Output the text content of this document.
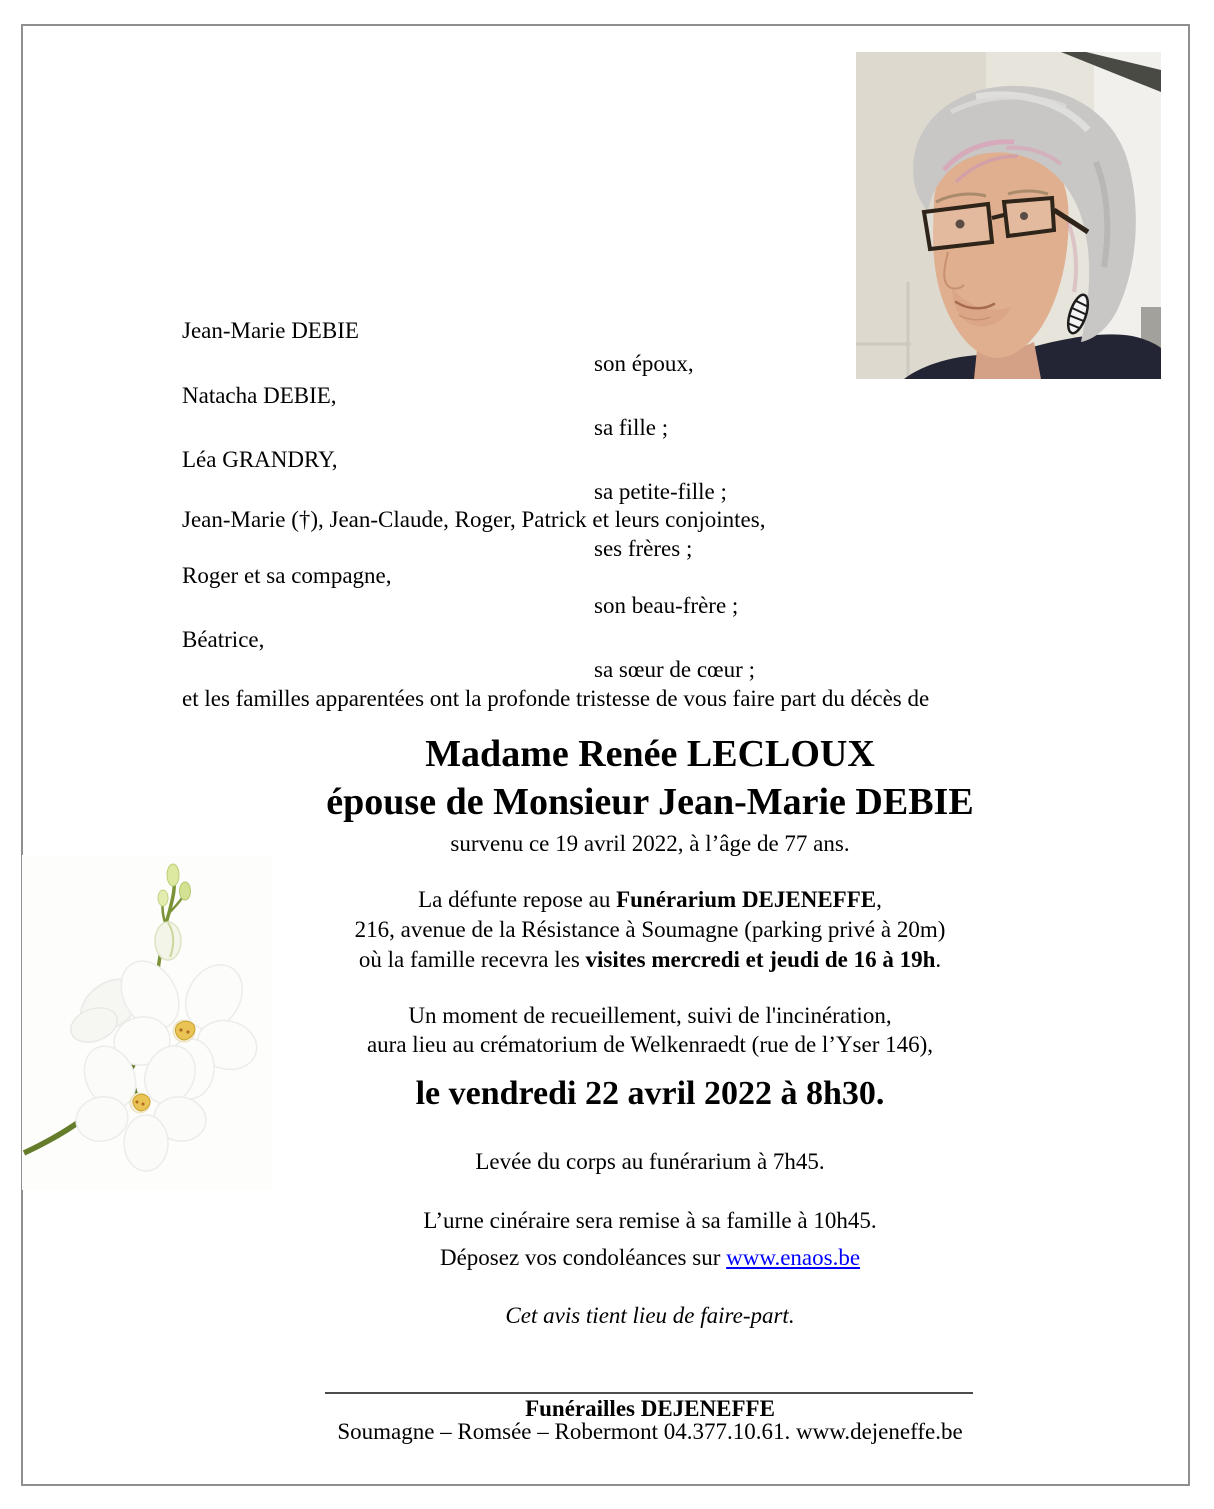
Jean-Marie DEBIE
son époux,
Natacha DEBIE,
sa fille ;
Léa GRANDRY,
sa petite-fille ;
Jean-Marie (†), Jean-Claude, Roger, Patrick et leurs conjointes,
ses frères ;
Roger et sa compagne,
son beau-frère ;
Béatrice,
sa sœur de cœur ;
et les familles apparentées ont la profonde tristesse de vous faire part du décès de
Madame Renée LECLOUX
épouse de Monsieur Jean-Marie DEBIE
survenu ce 19 avril 2022, à l’âge de 77 ans.
La défunte repose au Funérarium DEJENEFFE,
216, avenue de la Résistance à Soumagne (parking privé à 20m)
où la famille recevra les visites mercredi et jeudi de 16 à 19h.
Un moment de recueillement, suivi de l'incinération,
aura lieu au crématorium de Welkenraedt (rue de l’Yser 146),
le vendredi 22 avril 2022 à 8h30.
Levée du corps au funérarium à 7h45.
L’urne cinéraire sera remise à sa famille à 10h45.
Déposez vos condoléances sur www.enaos.be
Cet avis tient lieu de faire-part.
Funérailles DEJENEFFE
Soumagne – Romsée – Robermont 04.377.10.61. www.dejeneffe.be
